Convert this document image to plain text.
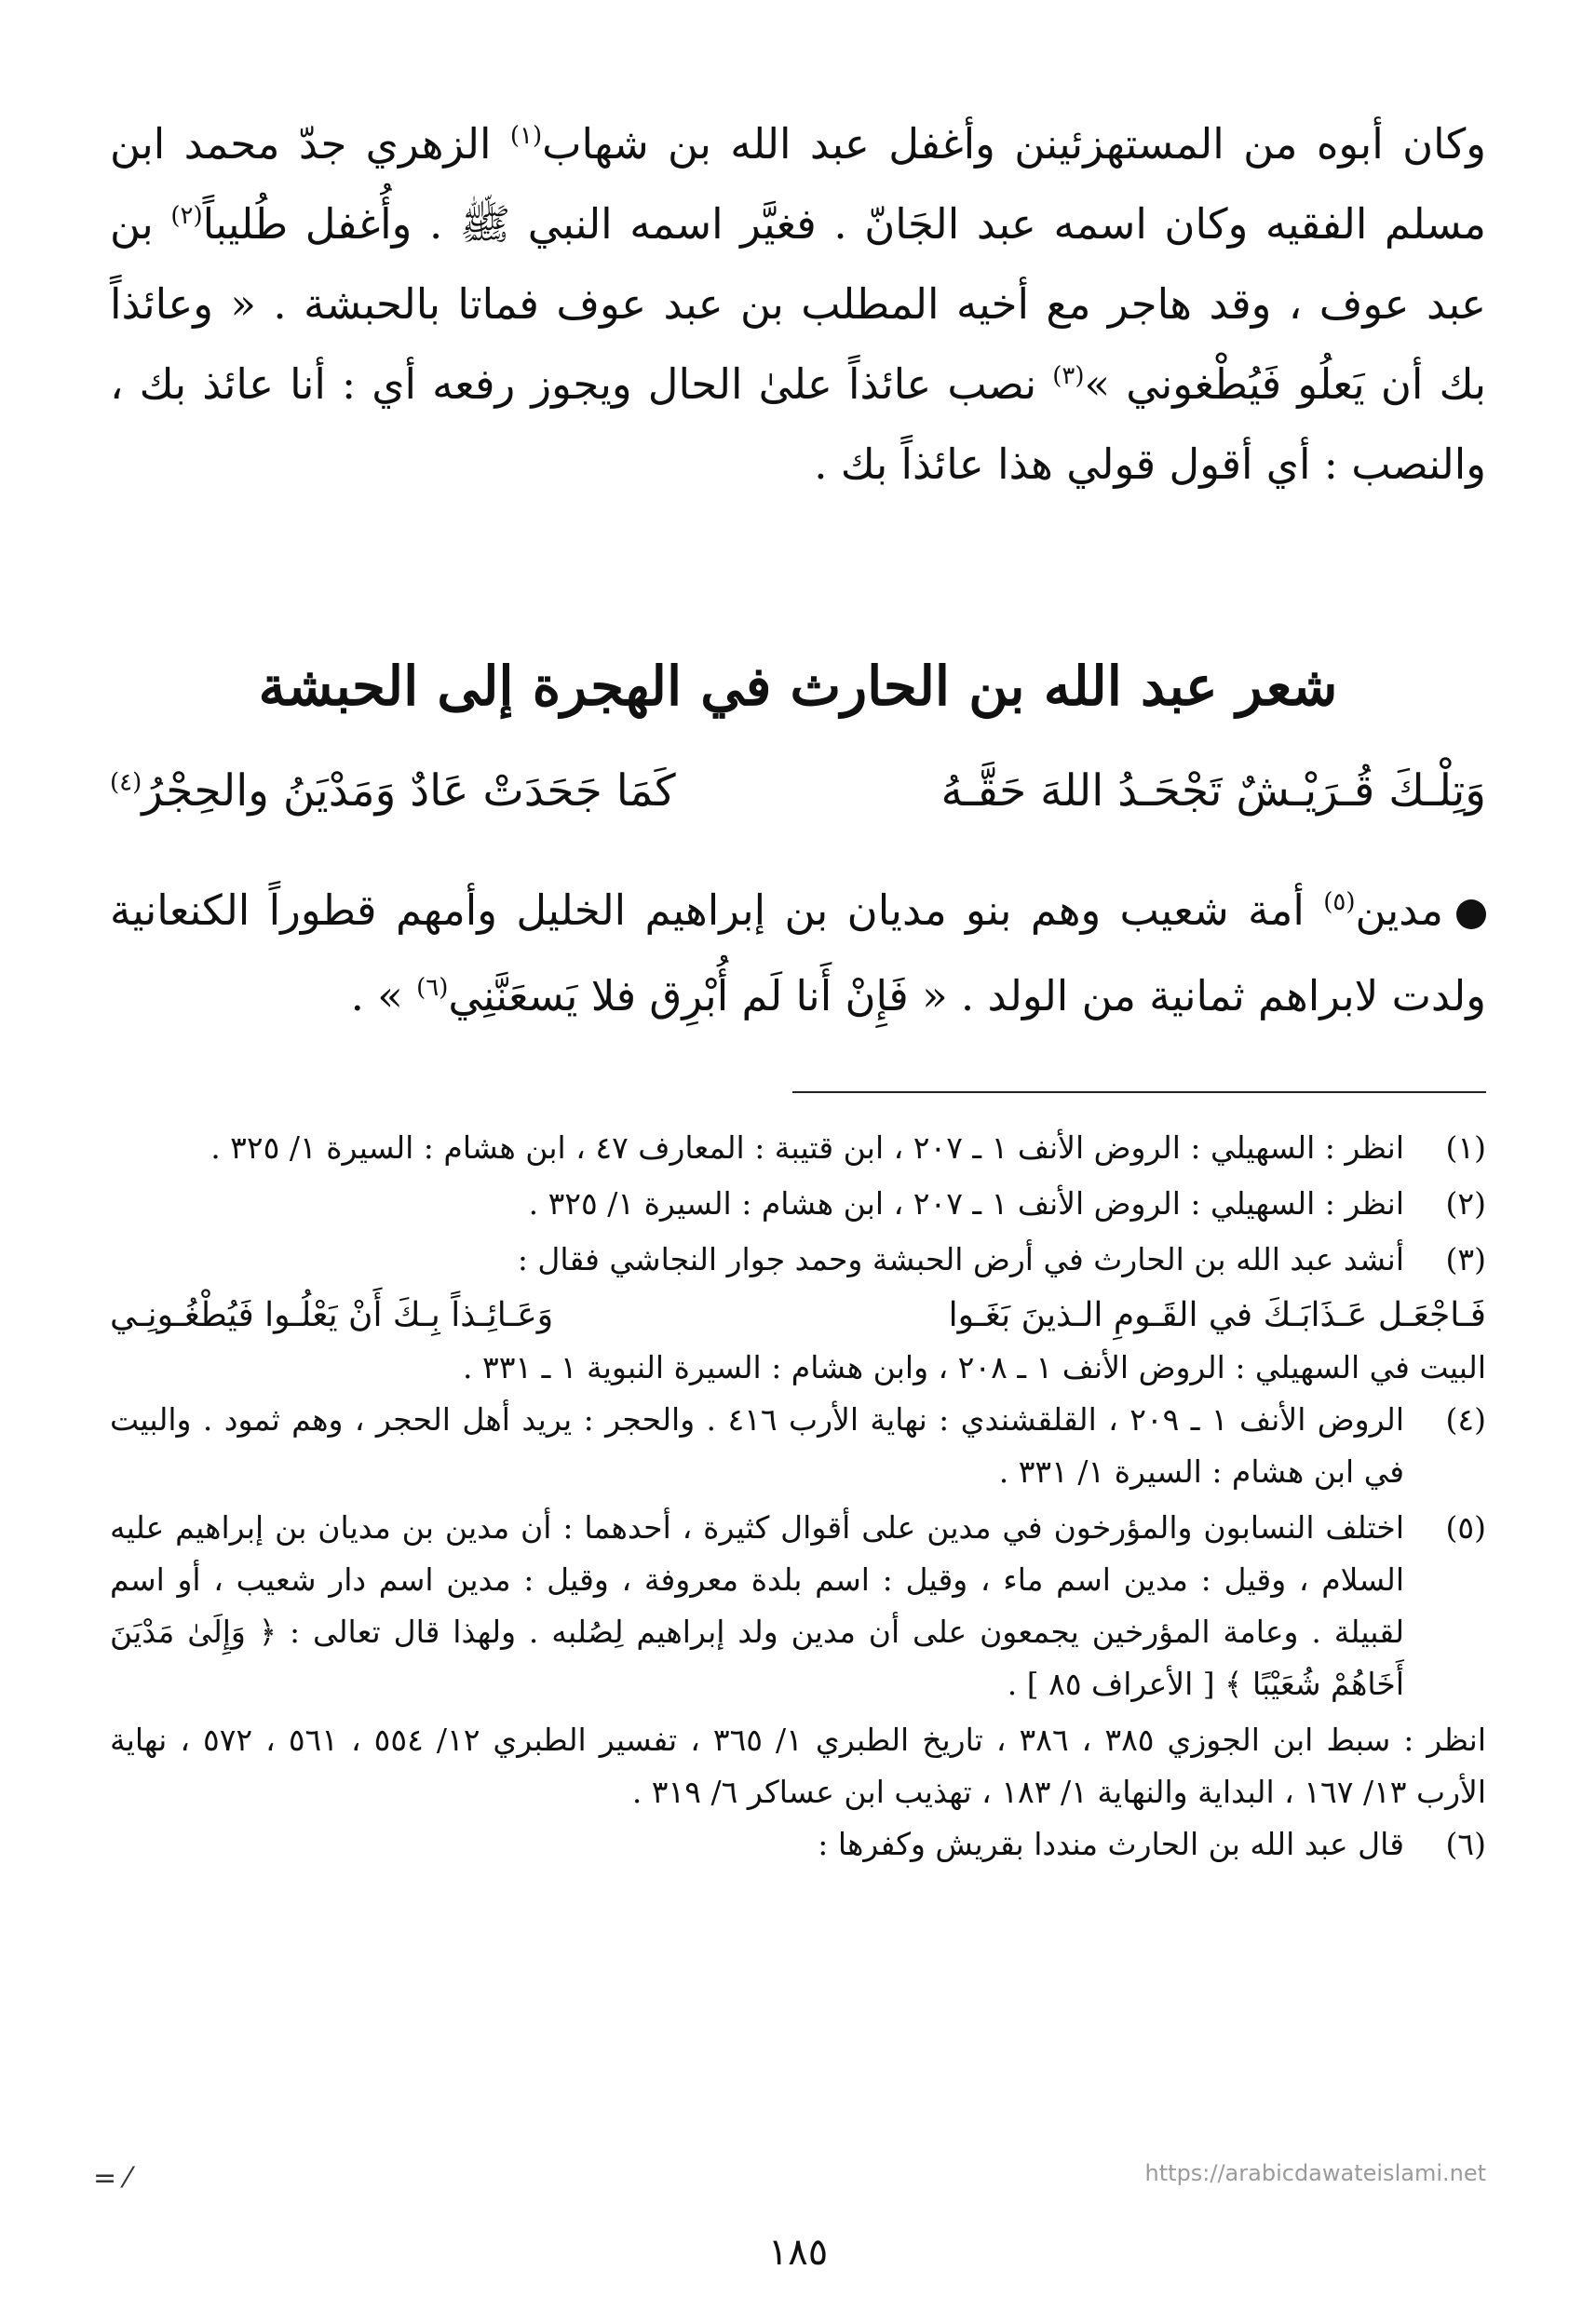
وكان أبوه من المستهزئينن وأغفل عبد الله بن شهاب$^{(١)}$ الزهري جدّ محمد ابن مسلم الفقيه وكان اسمه عبد الجَانّ . فغيَّر اسمه النبي ﷺ . وأُغفل طُليباً$^{(٢)}$ بن عبد عوف ، وقد هاجر مع أخيه المطلب بن عبد عوف فماتا بالحبشة . « وعائذاً بك أن يَعلُو فَيُطْغوني »$^{(٣)}$ نصب عائذاً علىٰ الحال ويجوز رفعه أي : أنا عائذ بك ، والنصب : أي أقول قولي هذا عائذاً بك .
شعر عبد الله بن الحارث في الهجرة إلى الحبشة
وَتِلْـكَ قُـرَيْـشٌ تَجْحَـدُ اللهَ حَقَّـهُ
كَمَا جَحَدَتْ عَادٌ وَمَدْيَنُ والحِجْرُ$^{(٤)}$
مدين$^{(٥)}$ أمة شعيب وهم بنو مديان بن إبراهيم الخليل وأمهم قطوراً الكنعانية ولدت لابراهم ثمانية من الولد . « فَإِنْ أَنا لَم أُبْرِق فلا يَسعَنَّنِي$^{(٦)}$ » .
(١)
انظر : السهيلي : الروض الأنف ١ ـ ٢٠٧ ، ابن قتيبة : المعارف ٤٧ ، ابن هشام : السيرة ١/ ٣٢٥ .
(٢)
انظر : السهيلي : الروض الأنف ١ ـ ٢٠٧ ، ابن هشام : السيرة ١/ ٣٢٥ .
(٣)
أنشد عبد الله بن الحارث في أرض الحبشة وحمد جوار النجاشي فقال :
فَـاجْعَـل عَـذَابَـكَ في القَـومِ الـذينَ بَغَـوا
وَعَـائِـذاً بِـكَ أَنْ يَعْلُـوا فَيُطْغُـونِـي
البيت في السهيلي : الروض الأنف ١ ـ ٢٠٨ ، وابن هشام : السيرة النبوية ١ ـ ٣٣١ .
(٤)
الروض الأنف ١ ـ ٢٠٩ ، القلقشندي : نهاية الأرب ٤١٦ . والحجر : يريد أهل الحجر ، وهم ثمود . والبيت في ابن هشام : السيرة ١/ ٣٣١ .
(٥)
اختلف النسابون والمؤرخون في مدين على أقوال كثيرة ، أحدهما : أن مدين بن مديان بن إبراهيم عليه السلام ، وقيل : مدين اسم ماء ، وقيل : اسم بلدة معروفة ، وقيل : مدين اسم دار شعيب ، أو اسم لقبيلة . وعامة المؤرخين يجمعون على أن مدين ولد إبراهيم لِصُلبه . ولهذا قال تعالى : ﴿ وَإِلَىٰ مَدْيَنَ أَخَاهُمْ شُعَيْبًا ﴾ [ الأعراف ٨٥ ] .
انظر : سبط ابن الجوزي ٣٨٥ ، ٣٨٦ ، تاريخ الطبري ١/ ٣٦٥ ، تفسير الطبري ١٢/ ٥٥٤ ، ٥٦١ ، ٥٧٢ ، نهاية الأرب ١٣/ ١٦٧ ، البداية والنهاية ١/ ١٨٣ ، تهذيب ابن عساكر ٦/ ٣١٩ .
(٦)
قال عبد الله بن الحارث منددا بقريش وكفرها :
= ⁄	https://arabicdawateislami.net
١٨٥
